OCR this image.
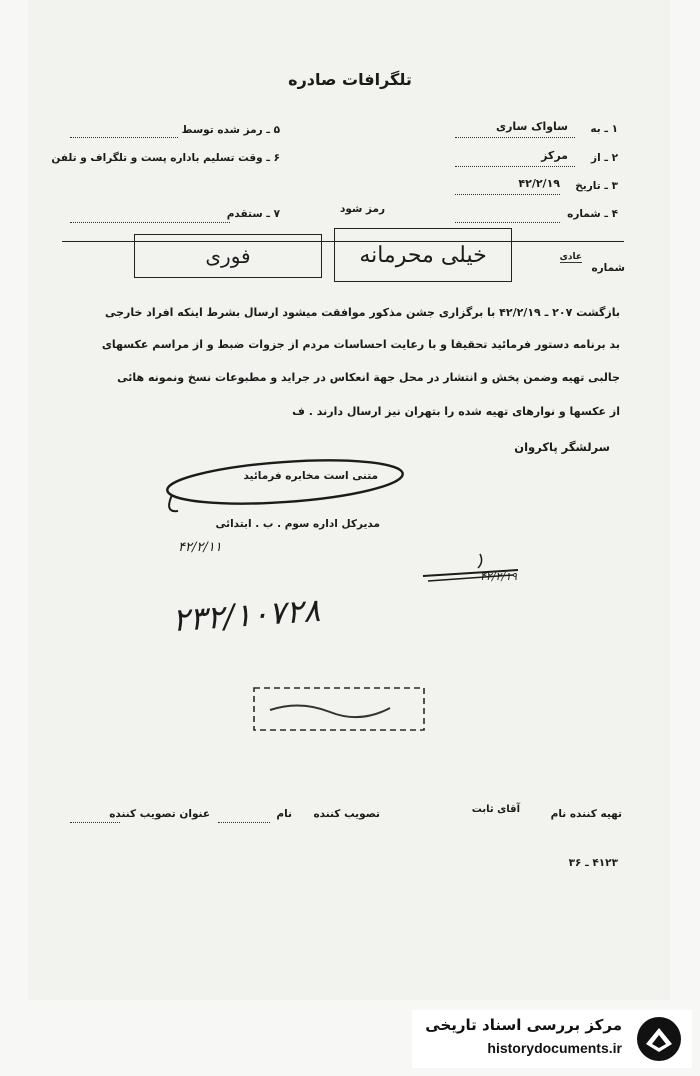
تلگرافات صادره
۱ ـ به
ساواک ساری
۲ ـ از
مرکز
۳ ـ تاریخ
۴۲/۲/۱۹
۴ ـ شماره
۵ ـ رمز شده توسط
۶ ـ وقت تسلیم باداره پست و تلگراف و تلفن
۷ ـ ستقدم	رمز شود
شماره
عادی
خیلی محرمانه
فوری
بازگشت ۲۰۷ ـ ۴۲/۲/۱۹ با برگزاری جشن مذکور موافقت میشود ارسال بشرط اینکه افراد خارجی
بد برنامه دستور فرمائید تحقیقا و با رعایت احساسات مردم از جزوات ضبط و از مراسم عکسهای
جالبی تهیه وضمن پخش و انتشار در محل جهة انعکاس در جراید و مطبوعات نسخ ونمونه هائی
از عکسها و نوارهای تهیه شده را بتهران نیز ارسال دارند . ف
سرلشگر پاکروان
متنی است مخابره فرمائید
مدیرکل اداره سوم . ب . ابتدائی
۴۲/۲/۱۱
۴۲/۲/۱۹
۲۳۲/۱۰۷۲۸
تهیه کننده نام
آقای ثابت
تصویب کننده
نام
عنوان تصویب کننده
۴۱۲۳ ـ ۳۶
مرکز بررسی اسناد تاریخی
historydocuments.ir
